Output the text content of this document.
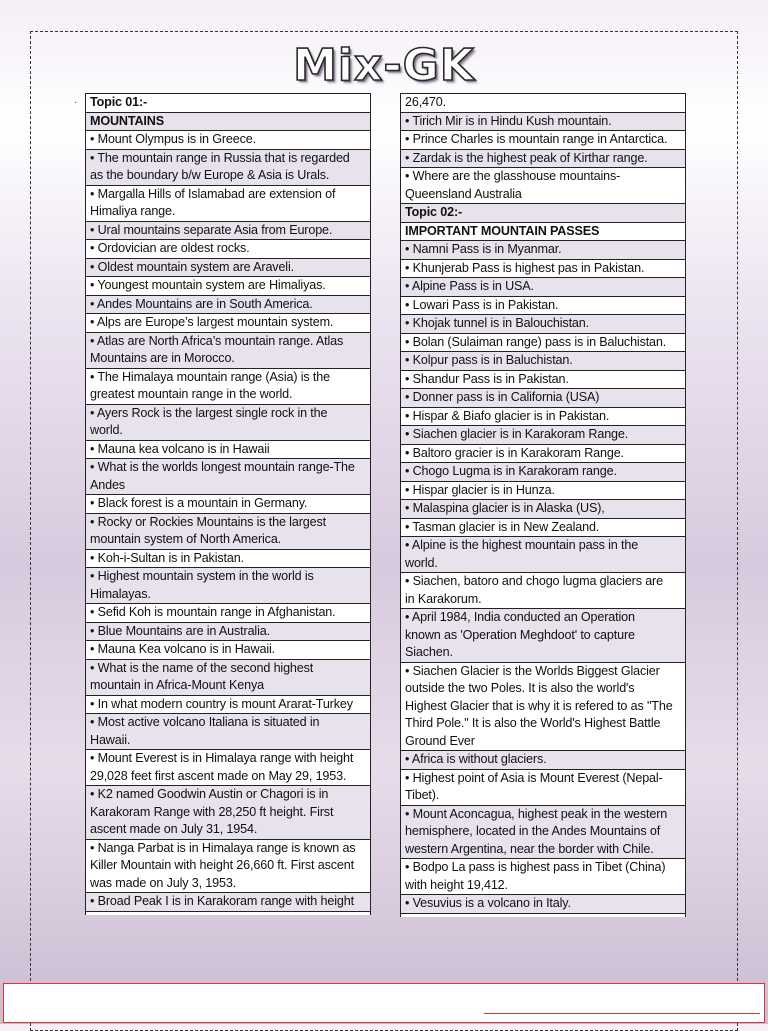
Mix-GK
·	Topic 01:-
MOUNTAINS
• Mount Olympus is in Greece.
• The mountain range in Russia that is regarded
as the boundary b/w Europe & Asia is Urals.
• Margalla Hills of Islamabad are extension of
Himaliya range.
• Ural mountains separate Asia from Europe.
• Ordovician are oldest rocks.
• Oldest mountain system are Araveli.
• Youngest mountain system are Himaliyas.
• Andes Mountains are in South America.
• Alps are Europe’s largest mountain system.
• Atlas are North Africa’s mountain range. Atlas
Mountains are in Morocco.
• The Himalaya mountain range (Asia) is the
greatest mountain range in the world.
• Ayers Rock is the largest single rock in the
world.
• Mauna kea volcano is in Hawaii
• What is the worlds longest mountain range-The
Andes
• Black forest is a mountain in Germany.
• Rocky or Rockies Mountains is the largest
mountain system of North America.
• Koh-i-Sultan is in Pakistan.
• Highest mountain system in the world is
Himalayas.
• Sefid Koh is mountain range in Afghanistan.
• Blue Mountains are in Australia.
• Mauna Kea volcano is in Hawaii.
• What is the name of the second highest
mountain in Africa-Mount Kenya
• In what modern country is mount Ararat-Turkey
• Most active volcano Italiana is situated in
Hawaii.
• Mount Everest is in Himalaya range with height
29,028 feet first ascent made on May 29, 1953.
• K2 named Goodwin Austin or Chagori is in
Karakoram Range with 28,250 ft height. First
ascent made on July 31, 1954.
• Nanga Parbat is in Himalaya range is known as
Killer Mountain with height 26,660 ft. First ascent
was made on July 3, 1953.
• Broad Peak I is in Karakoram range with height
26,470.
• Tirich Mir is in Hindu Kush mountain.
• Prince Charles is mountain range in Antarctica.
• Zardak is the highest peak of Kirthar range.
• Where are the glasshouse mountains-
Queensland Australia
Topic 02:-
IMPORTANT MOUNTAIN PASSES
• Namni Pass is in Myanmar.
• Khunjerab Pass is highest pas in Pakistan.
• Alpine Pass is in USA.
• Lowari Pass is in Pakistan.
• Khojak tunnel is in Balouchistan.
• Bolan (Sulaiman range) pass is in Baluchistan.
• Kolpur pass is in Baluchistan.
• Shandur Pass is in Pakistan.
• Donner pass is in California (USA)
• Hispar & Biafo glacier is in Pakistan.
• Siachen glacier is in Karakoram Range.
• Baltoro gracier is in Karakoram Range.
• Chogo Lugma is in Karakoram range.
• Hispar glacier is in Hunza.
• Malaspina glacier is in Alaska (US),
• Tasman glacier is in New Zealand.
• Alpine is the highest mountain pass in the
world.
• Siachen, batoro and chogo lugma glaciers are
in Karakorum.
• April 1984, India conducted an Operation
known as 'Operation Meghdoot' to capture
Siachen.
• Siachen Glacier is the Worlds Biggest Glacier
outside the two Poles. It is also the world's
Highest Glacier that is why it is refered to as "The
Third Pole." It is also the World's Highest Battle
Ground Ever
• Africa is without glaciers.
• Highest point of Asia is Mount Everest (Nepal-
Tibet).
• Mount Aconcagua, highest peak in the western
hemisphere, located in the Andes Mountains of
western Argentina, near the border with Chile.
• Bodpo La pass is highest pass in Tibet (China)
with height 19,412.
• Vesuvius is a volcano in Italy.
